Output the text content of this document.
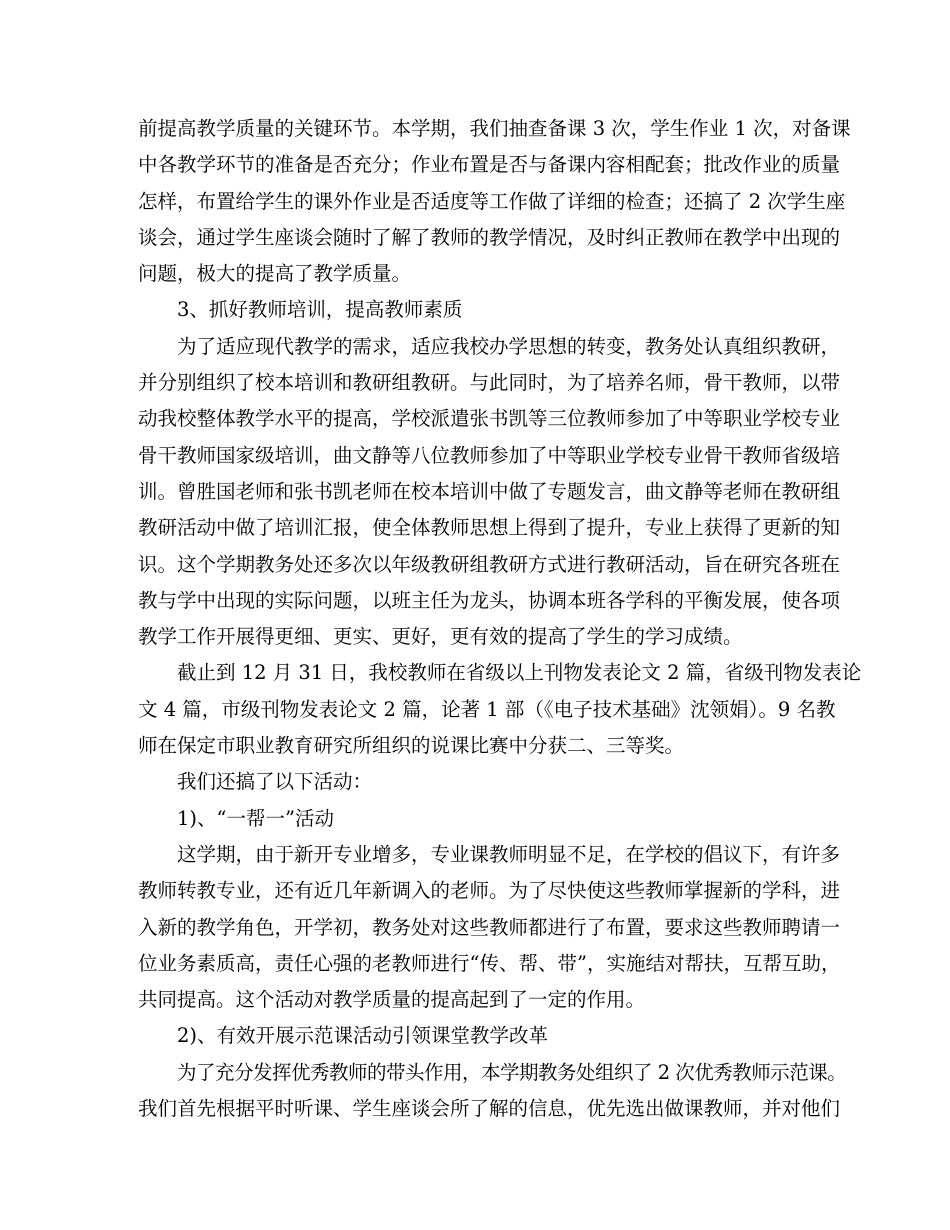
前提高教学质量的关键环节。本学期，我们抽查备课 3 次，学生作业 1 次，对备课
中各教学环节的准备是否充分；作业布置是否与备课内容相配套；批改作业的质量
怎样，布置给学生的课外作业是否适度等工作做了详细的检查；还搞了 2 次学生座
谈会，通过学生座谈会随时了解了教师的教学情况，及时纠正教师在教学中出现的
问题，极大的提高了教学质量。
3、抓好教师培训，提高教师素质
为了适应现代教学的需求，适应我校办学思想的转变，教务处认真组织教研，
并分别组织了校本培训和教研组教研。与此同时，为了培养名师，骨干教师，以带
动我校整体教学水平的提高，学校派遣张书凯等三位教师参加了中等职业学校专业
骨干教师国家级培训，曲文静等八位教师参加了中等职业学校专业骨干教师省级培
训。曾胜国老师和张书凯老师在校本培训中做了专题发言，曲文静等老师在教研组
教研活动中做了培训汇报，使全体教师思想上得到了提升，专业上获得了更新的知
识。这个学期教务处还多次以年级教研组教研方式进行教研活动，旨在研究各班在
教与学中出现的实际问题，以班主任为龙头，协调本班各学科的平衡发展，使各项
教学工作开展得更细、更实、更好，更有效的提高了学生的学习成绩。
截止到 12 月 31 日，我校教师在省级以上刊物发表论文 2 篇，省级刊物发表论
文 4 篇，市级刊物发表论文 2 篇，论著 1 部（《电子技术基础》沈领娟）。9 名教
师在保定市职业教育研究所组织的说课比赛中分获二、三等奖。
我们还搞了以下活动：
1)、“一帮一”活动
这学期，由于新开专业增多，专业课教师明显不足，在学校的倡议下，有许多
教师转教专业，还有近几年新调入的老师。为了尽快使这些教师掌握新的学科，进
入新的教学角色，开学初，教务处对这些教师都进行了布置，要求这些教师聘请一
位业务素质高，责任心强的老教师进行“传、帮、带”，实施结对帮扶，互帮互助，
共同提高。这个活动对教学质量的提高起到了一定的作用。
2)、有效开展示范课活动引领课堂教学改革
为了充分发挥优秀教师的带头作用，本学期教务处组织了 2 次优秀教师示范课。
我们首先根据平时听课、学生座谈会所了解的信息，优先选出做课教师，并对他们
